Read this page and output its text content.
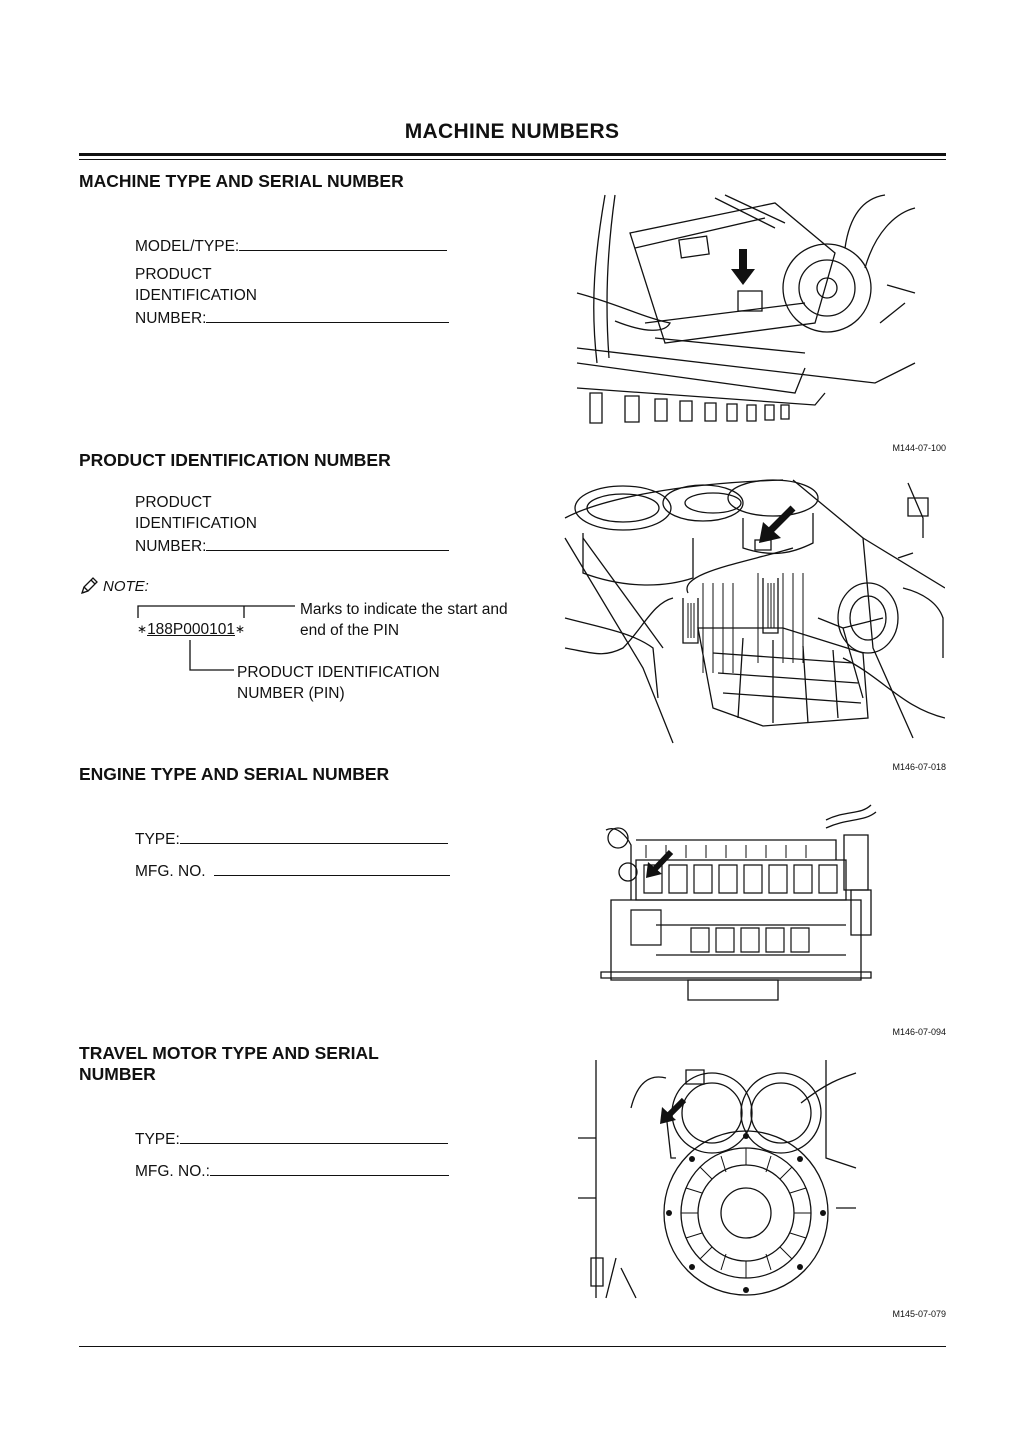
MACHINE NUMBERS
MACHINE TYPE AND SERIAL NUMBER
MODEL/TYPE:
PRODUCT
IDENTIFICATION
NUMBER:
M144-07-100
PRODUCT IDENTIFICATION NUMBER
PRODUCT
IDENTIFICATION
NUMBER:
NOTE:
Marks to indicate the start and
end of the PIN
∗188P000101∗
PRODUCT IDENTIFICATION
NUMBER (PIN)
M146-07-018
ENGINE TYPE AND SERIAL NUMBER
TYPE:
MFG. NO.
M146-07-094
TRAVEL MOTOR TYPE AND SERIAL
NUMBER
TYPE:
MFG. NO.:
M145-07-079
